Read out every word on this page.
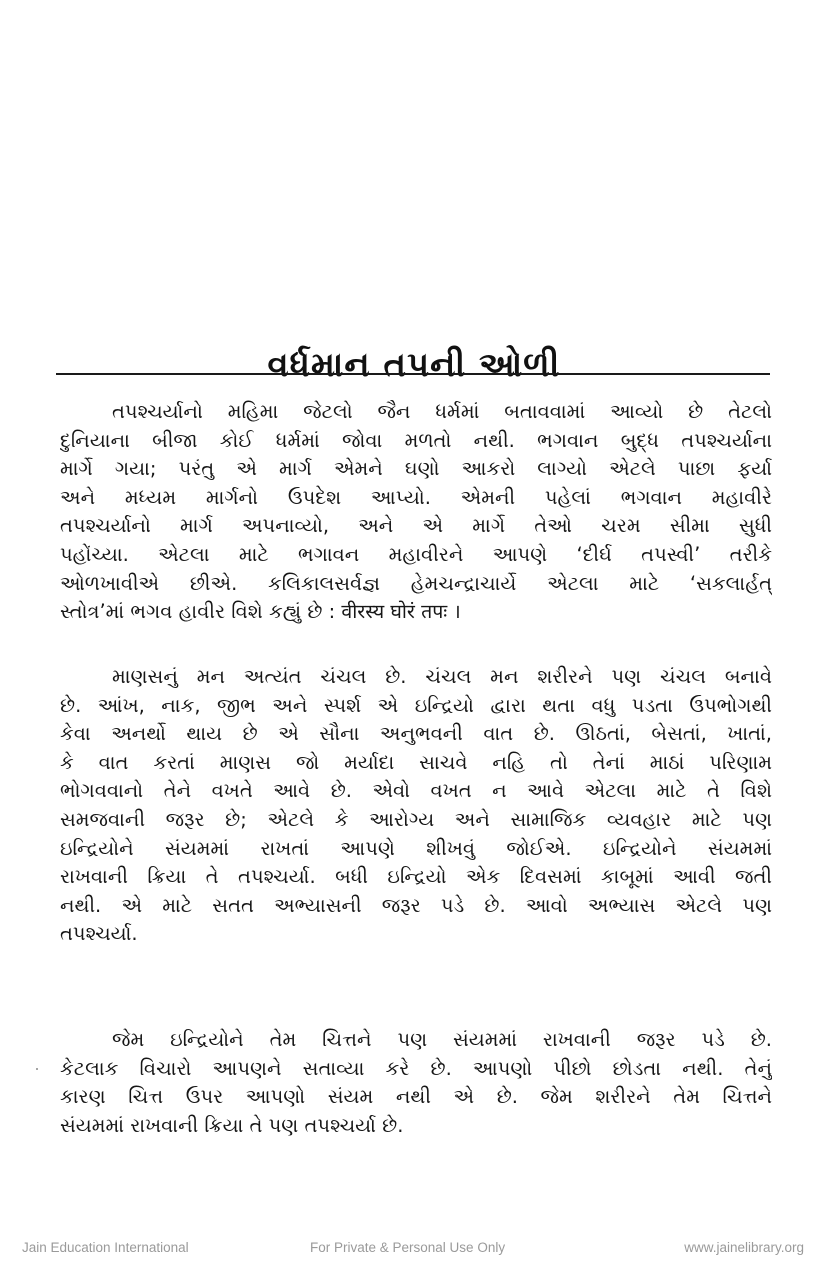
વર્ધમાન તપની ઓળી
તપશ્ચર્યાનો મહિમા જેટલો જૈન ધર્મમાં બતાવવામાં આવ્યો છે તેટલો
દુનિયાના બીજા કોઈ ધર્મમાં જોવા મળતો નથી. ભગવાન બુદ્ધ તપશ્ચર્યાના
માર્ગે ગયા; પરંતુ એ માર્ગ એમને ઘણો આકરો લાગ્યો એટલે પાછા ફર્યા
અને મધ્યમ માર્ગનો ઉપદેશ આપ્યો. એમની પહેલાં ભગવાન મહાવીરે
તપશ્ચર્યાનો માર્ગ અપનાવ્યો, અને એ માર્ગે તેઓ ચરમ સીમા સુધી
પહોંચ્યા. એટલા માટે ભગાવન મહાવીરને આપણે ‘દીર્ઘ તપસ્વી’ તરીકે
ઓળખાવીએ છીએ. કલિકાલસર્વજ્ઞ હેમચન્દ્રાચાર્યે એટલા માટે ‘સકલાર્હત્
સ્તોત્ર’માં ભગવ હાવીર વિશે કહ્યું છે : वीरस्य घोरं तपः ।
માણસનું મન અત્યંત ચંચલ છે. ચંચલ મન શરીરને પણ ચંચલ બનાવે
છે. આંખ, નાક, જીભ અને સ્પર્શ એ ઇન્દ્રિયો દ્વારા થતા વધુ પડતા ઉપભોગથી
કેવા અનર્થો થાય છે એ સૌના અનુભવની વાત છે. ઊઠતાં, બેસતાં, ખાતાં,
કે વાત કરતાં માણસ જો મર્યાદા સાચવે નહિ તો તેનાં માઠાં પરિણામ
ભોગવવાનો તેને વખતે આવે છે. એવો વખત ન આવે એટલા માટે તે વિશે
સમજવાની જરૂર છે; એટલે કે આરોગ્ય અને સામાજિક વ્યવહાર માટે પણ
ઇન્દ્રિયોને સંયમમાં રાખતાં આપણે શીખવું જોઈએ. ઇન્દ્રિયોને સંયમમાં
રાખવાની ક્રિયા તે તપશ્ચર્યા. બધી ઇન્દ્રિયો એક દિવસમાં કાબૂમાં આવી જતી
નથી. એ માટે સતત અભ્યાસની જરૂર પડે છે. આવો અભ્યાસ એટલે પણ
તપશ્ચર્યા.
જેમ ઇન્દ્રિયોને તેમ ચિત્તને પણ સંયમમાં રાખવાની જરૂર પડે છે.
કેટલાક વિચારો આપણને સતાવ્યા કરે છે. આપણો પીછો છોડતા નથી. તેનું
કારણ ચિત્ત ઉપર આપણો સંયમ નથી એ છે. જેમ શરીરને તેમ ચિત્તને
સંયમમાં રાખવાની ક્રિયા તે પણ તપશ્ચર્યા છે.
Jain Education International	For Private & Personal Use Only	www.jainelibrary.org
